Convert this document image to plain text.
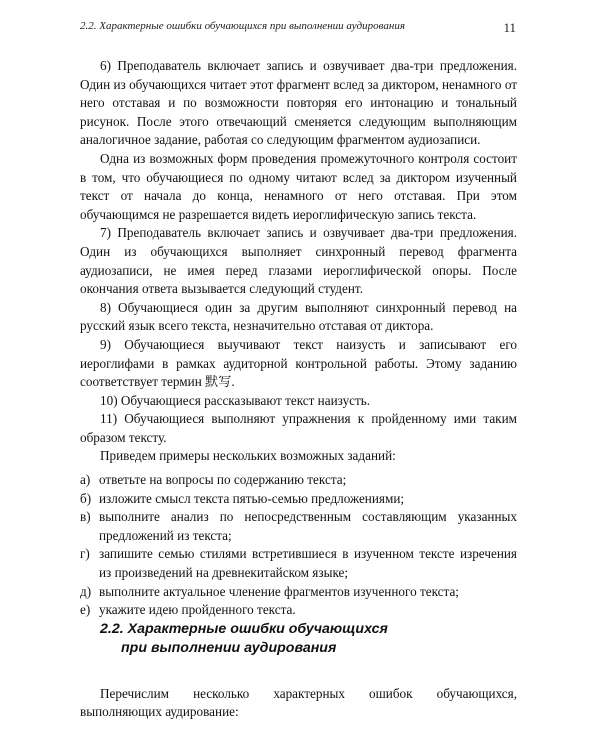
2.2. Характерные ошибки обучающихся при выполнении аудирования	11

6) Преподаватель включает запись и озвучивает два-три предложения. Один из обучающихся читает этот фрагмент вслед за диктором, ненамного от него отставая и по возможности повторяя его интонацию и тональный рисунок. После этого отвечающий сменяется следующим выполняющим аналогичное задание, работая со следующим фрагментом аудиозаписи.

Одна из возможных форм проведения промежуточного контроля состоит в том, что обучающиеся по одному читают вслед за диктором изученный текст от начала до конца, ненамного от него отставая. При этом обучающимся не разрешается видеть иероглифическую запись текста.

7) Преподаватель включает запись и озвучивает два-три предложения. Один из обучающихся выполняет синхронный перевод фрагмента аудиозаписи, не имея перед глазами иероглифической опоры. После окончания ответа вызывается следующий студент.

8) Обучающиеся один за другим выполняют синхронный перевод на русский язык всего текста, незначительно отставая от диктора.

9) Обучающиеся выучивают текст наизусть и записывают его иероглифами в рамках аудиторной контрольной работы. Этому заданию соответствует термин 默写.

10) Обучающиеся рассказывают текст наизусть.

11) Обучающиеся выполняют упражнения к пройденному ими таким образом тексту.

Приведем примеры нескольких возможных заданий:

а) ответьте на вопросы по содержанию текста;
б) изложите смысл текста пятью-семью предложениями;
в) выполните анализ по непосредственным составляющим указанных предложений из текста;
г) запишите семью стилями встретившиеся в изученном тексте изречения из произведений на древнекитайском языке;
д) выполните актуальное членение фрагментов изученного текста;
е) укажите идею пройденного текста.

2.2. Характерные ошибки обучающихся
при выполнении аудирования

Перечислим несколько характерных ошибок обучающихся, выполняющих аудирование:
